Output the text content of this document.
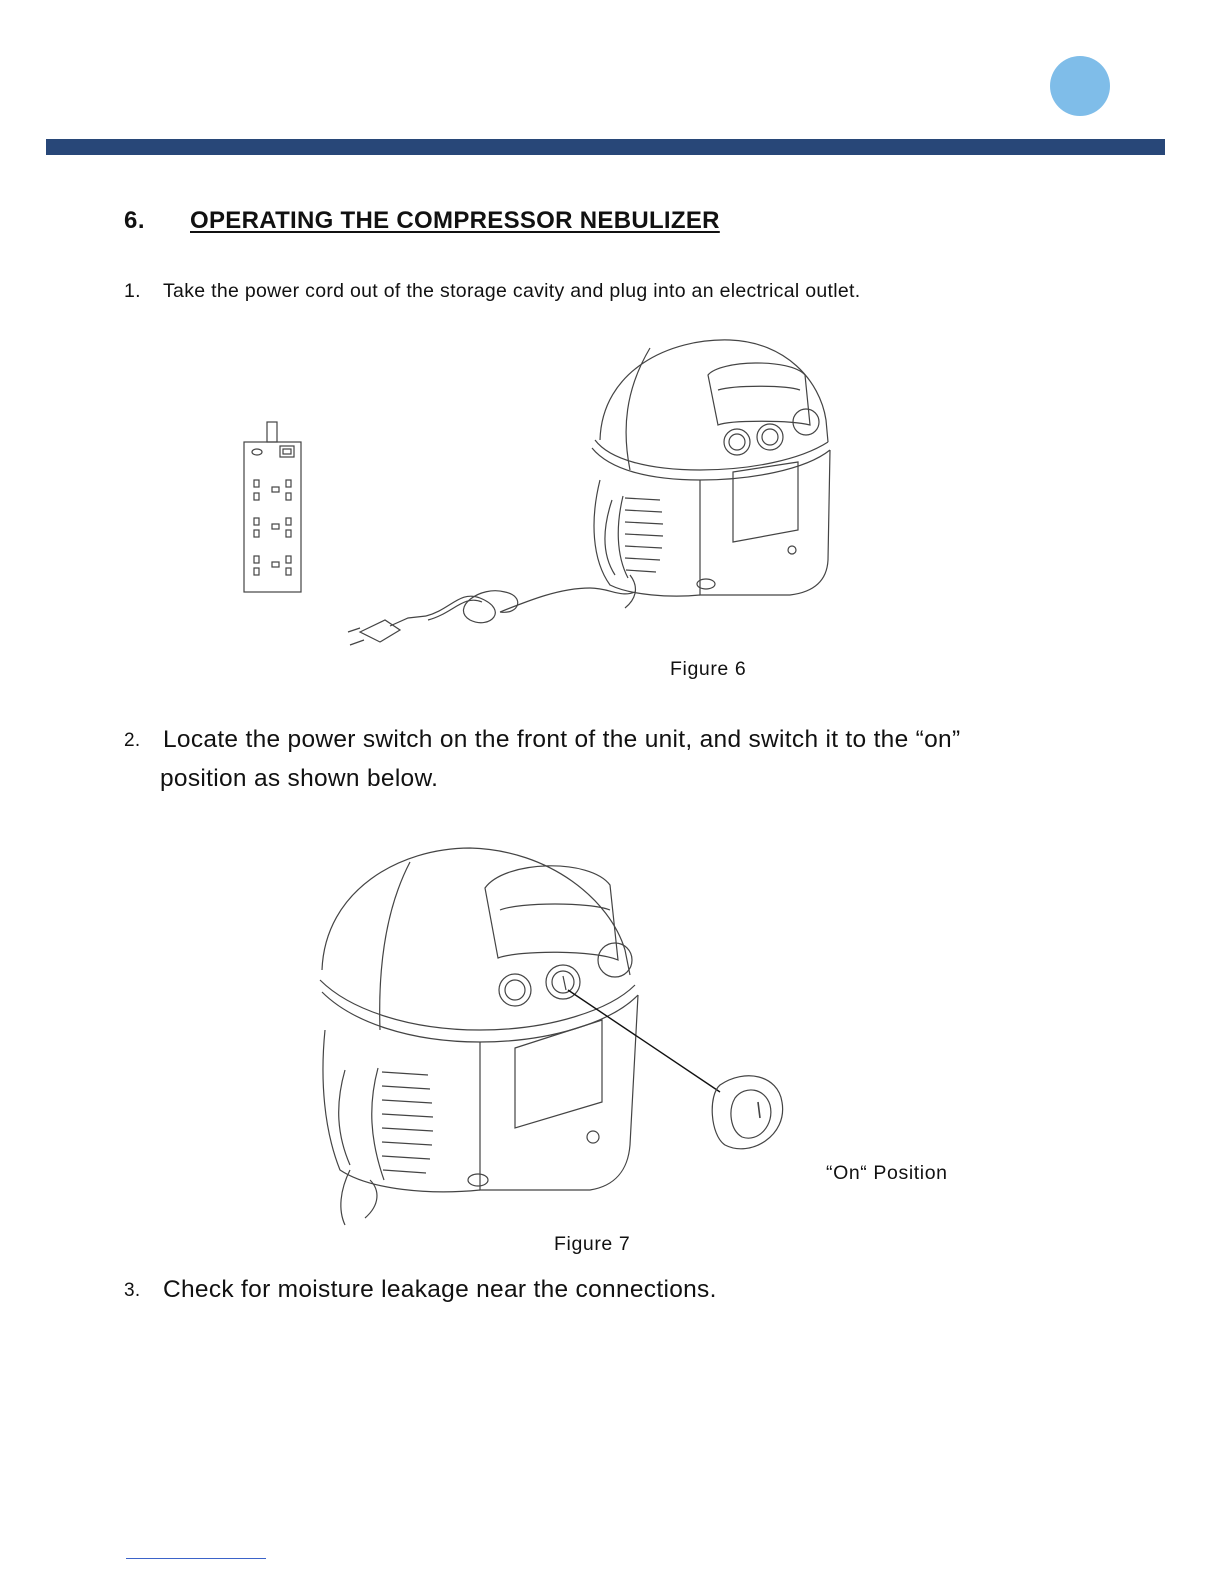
6. OPERATING THE COMPRESSOR NEBULIZER
1. Take the power cord out of the storage cavity and plug into an electrical outlet.
Figure 6
2. Locate the power switch on the front of the unit, and switch it to the “on”
position as shown below.
“On“ Position
Figure 7
3. Check for moisture leakage near the connections.
